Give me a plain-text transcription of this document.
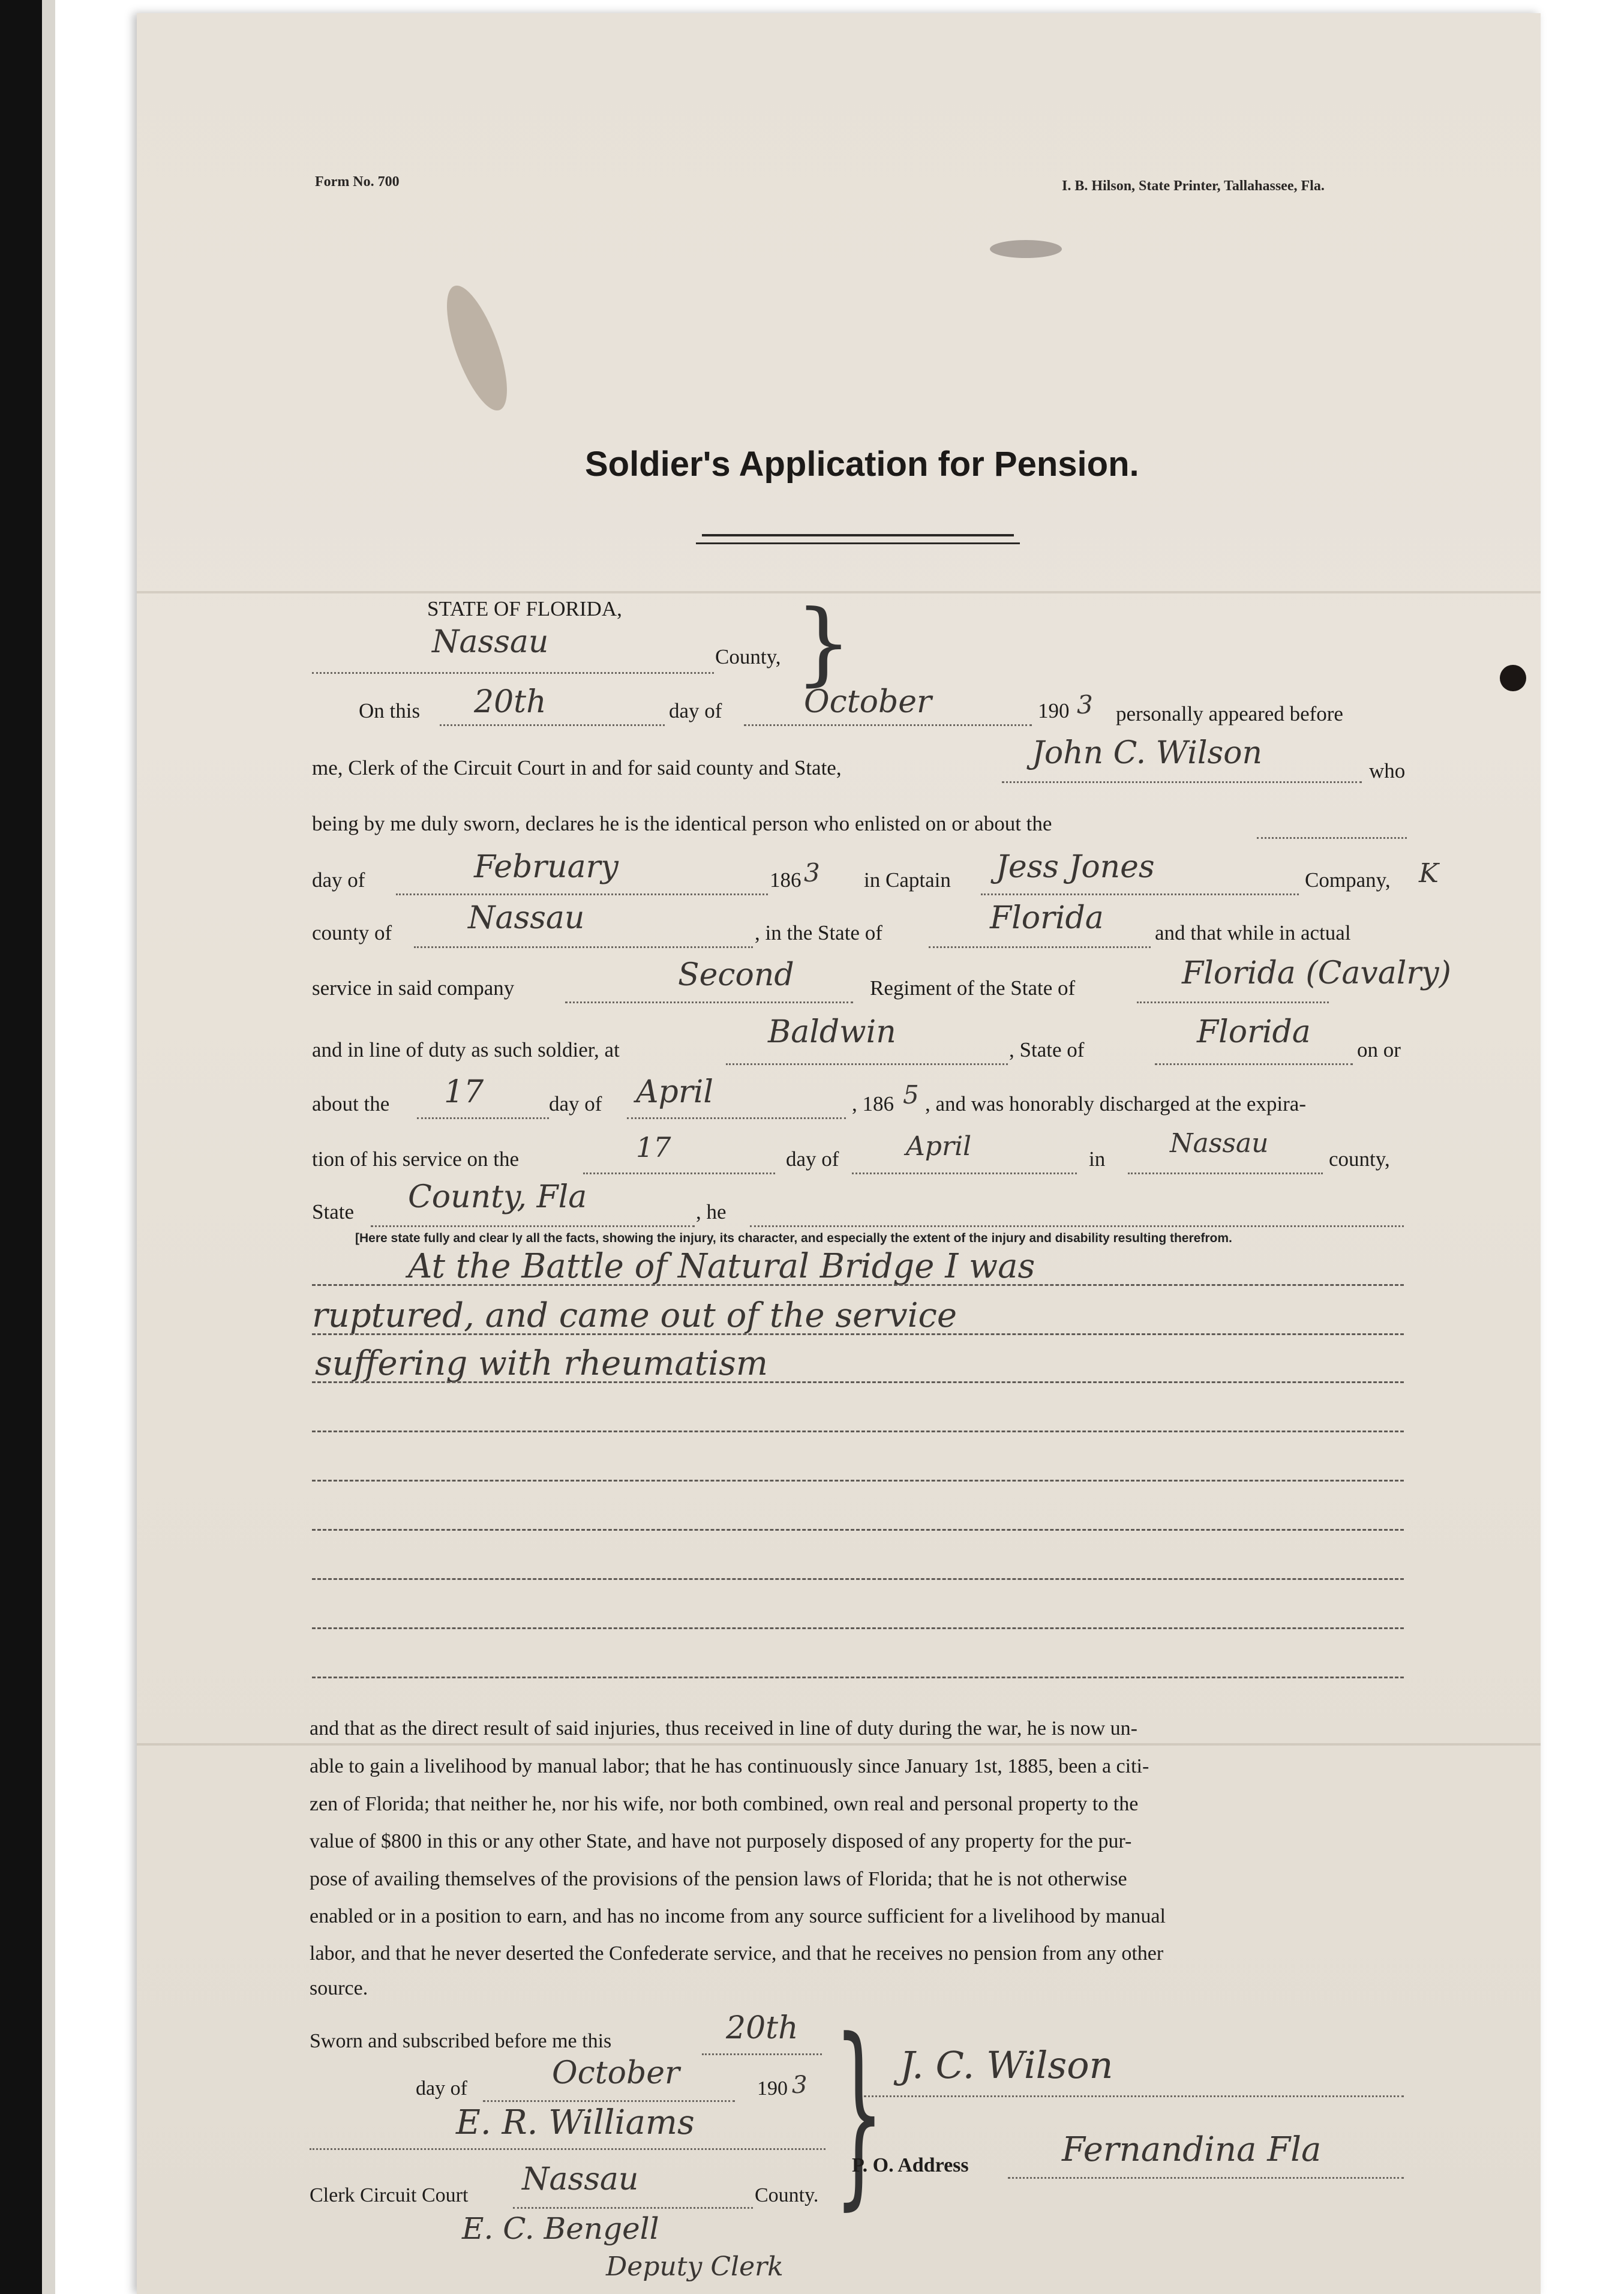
Form No. 700	I. B. Hilson, State Printer, Tallahassee, Fla.
Soldier's Application for Pension.
STATE OF FLORIDA,
Nassau	County, }
On this 20th	day of	October	190 3 personally appeared before
me, Clerk of the Circuit Court in and for said county and State,	John C. Wilson	who
being by me duly sworn, declares he is the identical person who enlisted on or about the
day of	February	186 3 in Captain Jess Jones	Company, K
county of Nassau	, in the State of	Florida and that while in actual
service in said company	Second	Regiment of the State of	Florida (Cavalry)
and in line of duty as such soldier, at	Baldwin	, State of	Florida on or
about the 17	day of April	, 186 5 , and was honorably discharged at the expira-
tion of his service on the	17	day of	April	in
Nassau
county,
State County, Fla	, he
[Here state fully and clear ly all the facts, showing the injury, its character, and especially the extent of the injury and disability resulting therefrom.
At the Battle of Natural Bridge I was
ruptured, and came out of the service
suffering with rheumatism
and that as the direct result of said injuries, thus received in line of duty during the war, he is now un-
able to gain a livelihood by manual labor; that he has continuously since January 1st, 1885, been a citi-
zen of Florida; that neither he, nor his wife, nor both combined, own real and personal property to the
value of $800 in this or any other State, and have not purposely disposed of any property for the pur-
pose of availing themselves of the provisions of the pension laws of Florida; that he is not otherwise
enabled or in a position to earn, and has no income from any source sufficient for a livelihood by manual
labor, and that he never deserted the Confederate service, and that he receives no pension from any other
source.
Sworn and subscribed before me this	20th
day of	October	190 3
E. R. Williams
Clerk Circuit Court Nassau	County. } J. C. Wilson
P. O. Address	Fernandina Fla
E. C. Bengell
Deputy Clerk
